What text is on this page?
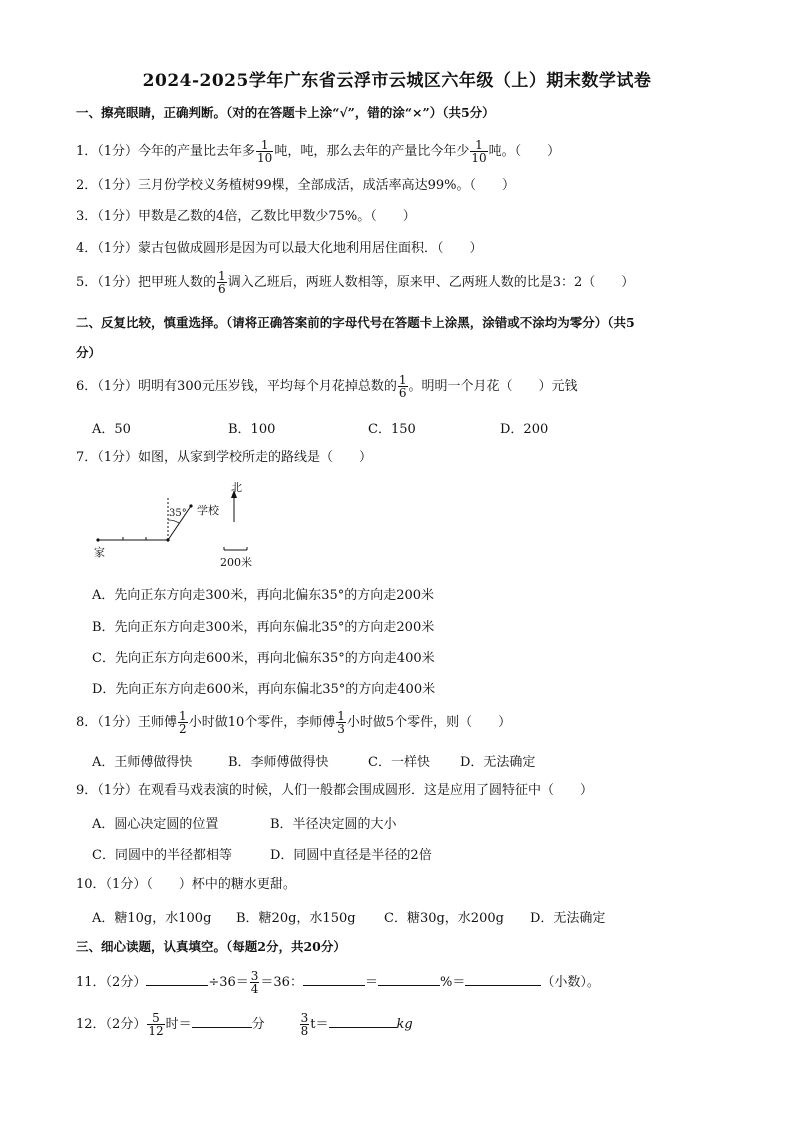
2024-2025学年广东省云浮市云城区六年级（上）期末数学试卷
一、擦亮眼睛，正确判断。（对的在答题卡上涂“√”，错的涂“×”）（共5分）
1．（1分）今年的产量比去年多 $\frac{1}{10}$ 吨，吨，那么去年的产量比今年少 $\frac{1}{10}$ 吨。（　　）
2．（1分）三月份学校义务植树99棵，全部成活，成活率高达99%。（　　）
3．（1分）甲数是乙数的4倍，乙数比甲数少75%。（　　）
4．（1分）蒙古包做成圆形是因为可以最大化地利用居住面积．（　　）
5．（1分）把甲班人数的 $\frac{1}{6}$ 调入乙班后，两班人数相等，原来甲、乙两班人数的比是3：2（　　）
二、反复比较，慎重选择。（请将正确答案前的字母代号在答题卡上涂黑，涂错或不涂均为零分）（共5
分）
6．（1分）明明有300元压岁钱，平均每个月花掉总数的 $\frac{1}{6}$ 。明明一个月花（　　）元钱
A．50	B．100	C．150	D．200
7．（1分）如图，从家到学校所走的路线是（　　）
北
学校
35°
家
200米
A．先向正东方向走300米，再向北偏东35°的方向走200米
B．先向正东方向走300米，再向东偏北35°的方向走200米
C．先向正东方向走600米，再向北偏东35°的方向走400米
D．先向正东方向走600米，再向东偏北35°的方向走400米
8．（1分）王师傅 $\frac{1}{2}$ 小时做10个零件，李师傅 $\frac{1}{3}$ 小时做5个零件，则（　　）
A．王师傅做得快	B．李师傅做得快	C．一样快 D．无法确定
9．（1分）在观看马戏表演的时候，人们一般都会围成圆形．这是应用了圆特征中（　　）
A．圆心决定圆的位置	B．半径决定圆的大小
C．同圆中的半径都相等	D．同圆中直径是半径的2倍
10．（1分）（　　）杯中的糖水更甜。
A．糖10g，水100g B．糖20g，水150g C．糖30g，水200g D．无法确定
三、细心读题，认真填空。（每题2分，共20分）
11．（2分）	$\div 36= \frac{3}{4} =36$：	＝	%＝	（小数）。
12．（2分） $\frac{5}{12}$ 时＝	分	$\frac{3}{8} t=$	kg
